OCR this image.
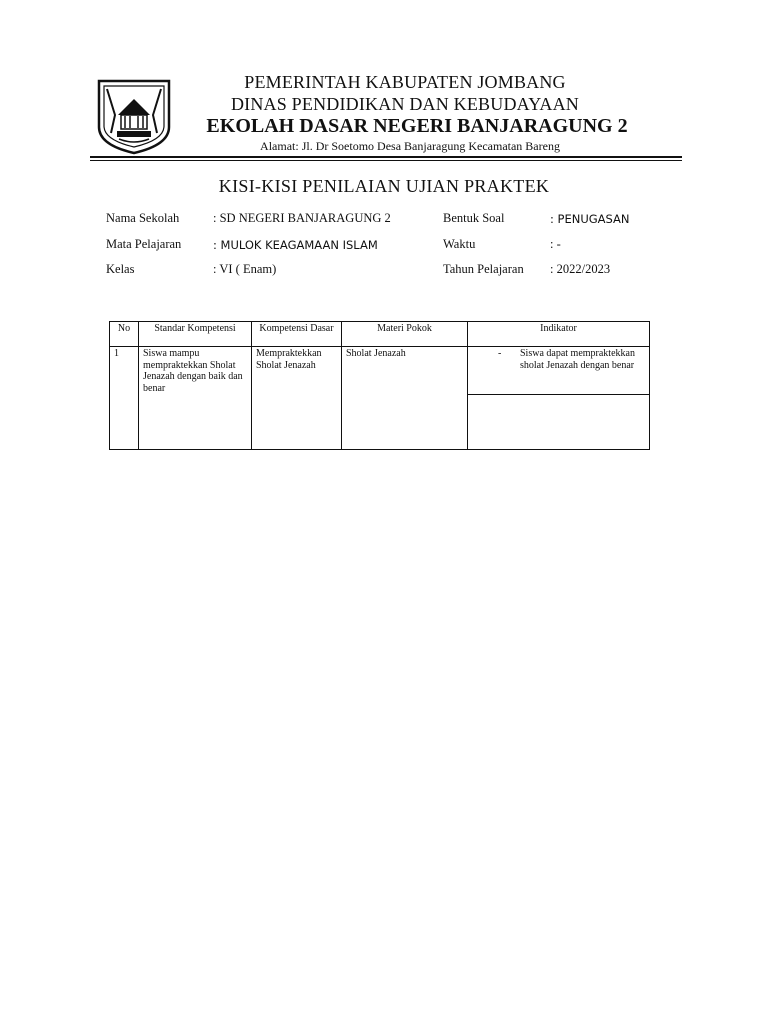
PEMERINTAH KABUPATEN JOMBANG
DINAS PENDIDIKAN DAN KEBUDAYAAN
EKOLAH DASAR NEGERI BANJARAGUNG 2
Alamat: Jl. Dr Soetomo Desa Banjaragung Kecamatan Bareng
KISI-KISI PENILAIAN UJIAN PRAKTEK
Nama Sekolah	: SD NEGERI BANJARAGUNG 2
Mata Pelajaran	: MULOK KEAGAMAAN ISLAM
Kelas	: VI ( Enam)
Bentuk Soal	: PENUGASAN
Waktu	: -
Tahun Pelajaran : 2022/2023
No	Standar Kompetensi	Kompetensi Dasar	Materi Pokok	Indikator
1	Siswa mampu mempraktekkan Sholat Jenazah dengan baik dan benar	Mempraktekkan Sholat Jenazah	Sholat Jenazah	- Siswa dapat mempraktekkan sholat Jenazah dengan benar
